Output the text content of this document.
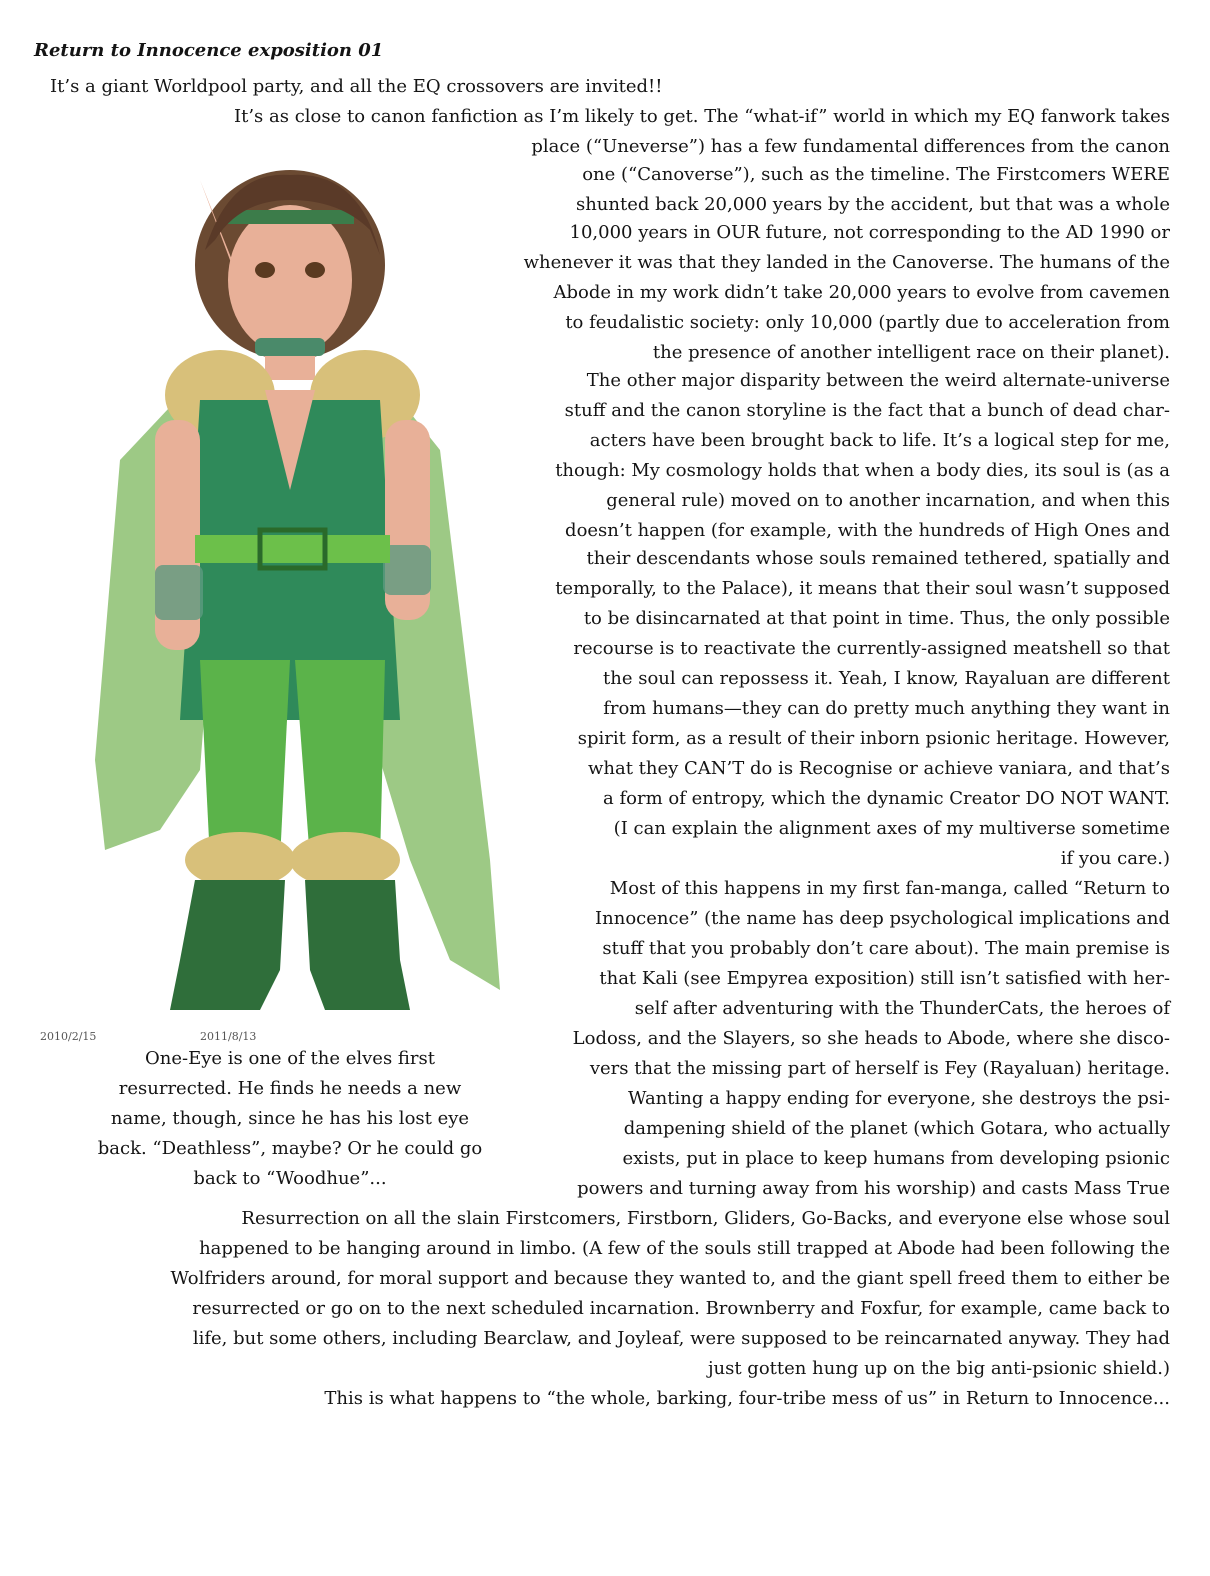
Return to Innocence exposition 01
2010/2/15	2011/8/13
It’s a giant Worldpool party, and all the EQ crossovers are invited!!
It’s as close to canon fanfiction as I’m likely to get. The “what-if” world in which my EQ fanwork takes
place (“Uneverse”) has a few fundamental differences from the canon
one (“Canoverse”), such as the timeline. The Firstcomers WERE
shunted back 20,000 years by the accident, but that was a whole
10,000 years in OUR future, not corresponding to the AD 1990 or
whenever it was that they landed in the Canoverse. The humans of the
Abode in my work didn’t take 20,000 years to evolve from cavemen
to feudalistic society: only 10,000 (partly due to acceleration from
the presence of another intelligent race on their planet).
The other major disparity between the weird alternate-universe
stuff and the canon storyline is the fact that a bunch of dead char-
acters have been brought back to life. It’s a logical step for me,
though: My cosmology holds that when a body dies, its soul is (as a
general rule) moved on to another incarnation, and when this
doesn’t happen (for example, with the hundreds of High Ones and
their descendants whose souls remained tethered, spatially and
temporally, to the Palace), it means that their soul wasn’t supposed
to be disincarnated at that point in time. Thus, the only possible
recourse is to reactivate the currently-assigned meatshell so that
the soul can repossess it. Yeah, I know, Rayaluan are different
from humans—they can do pretty much anything they want in
spirit form, as a result of their inborn psionic heritage. However,
what they CAN’T do is Recognise or achieve vaniara, and that’s
a form of entropy, which the dynamic Creator DO NOT WANT.
(I can explain the alignment axes of my multiverse sometime
if you care.)
Most of this happens in my first fan-manga, called “Return to
Innocence” (the name has deep psychological implications and
stuff that you probably don’t care about). The main premise is
that Kali (see Empyrea exposition) still isn’t satisfied with her-
self after adventuring with the ThunderCats, the heroes of
Lodoss, and the Slayers, so she heads to Abode, where she disco-
vers that the missing part of herself is Fey (Rayaluan) heritage.
Wanting a happy ending for everyone, she destroys the psi-
dampening shield of the planet (which Gotara, who actually
exists, put in place to keep humans from developing psionic
powers and turning away from his worship) and casts Mass True
Resurrection on all the slain Firstcomers, Firstborn, Gliders, Go-Backs, and everyone else whose soul
happened to be hanging around in limbo. (A few of the souls still trapped at Abode had been following the
Wolfriders around, for moral support and because they wanted to, and the giant spell freed them to either be
resurrected or go on to the next scheduled incarnation. Brownberry and Foxfur, for example, came back to
life, but some others, including Bearclaw, and Joyleaf, were supposed to be reincarnated anyway. They had
just gotten hung up on the big anti-psionic shield.)
This is what happens to “the whole, barking, four-tribe mess of us” in Return to Innocence...
One-Eye is one of the elves first
resurrected. He finds he needs a new
name, though, since he has his lost eye
back. “Deathless”, maybe? Or he could go
back to “Woodhue”...
